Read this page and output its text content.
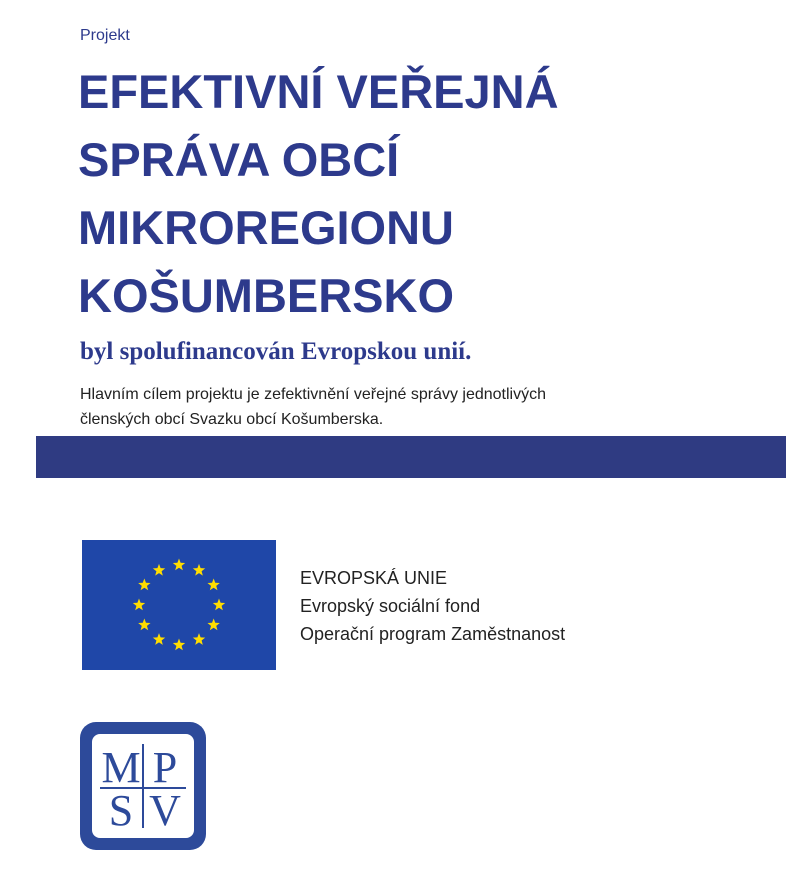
Projekt

EFEKTIVNÍ VEŘEJNÁ
SPRÁVA OBCÍ
MIKROREGIONU
KOŠUMBERSKO

byl spolufinancován Evropskou unií.

Hlavním cílem projektu je zefektivnění veřejné správy jednotlivých
členských obcí Svazku obcí Košumberska.

EVROPSKÁ UNIE
Evropský sociální fond
Operační program Zaměstnanost
M P
S V
